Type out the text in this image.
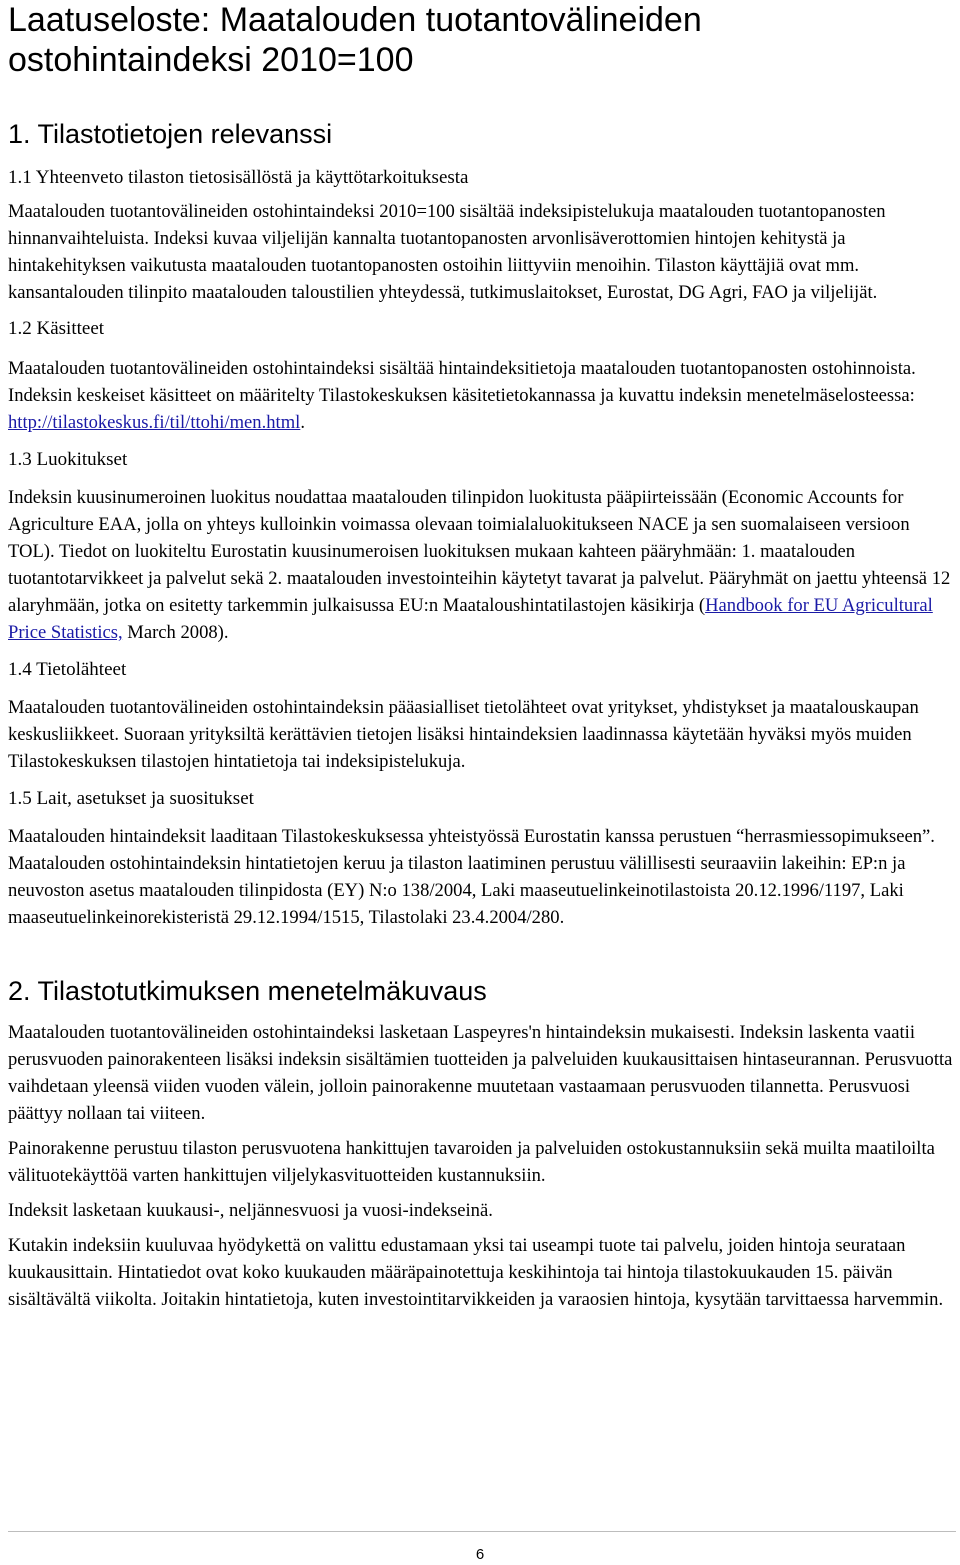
Laatuseloste: Maatalouden tuotantovälineiden
ostohintaindeksi 2010=100
1. Tilastotietojen relevanssi
1.1 Yhteenveto tilaston tietosisällöstä ja käyttötarkoituksesta
Maatalouden tuotantovälineiden ostohintaindeksi 2010=100 sisältää indeksipistelukuja maatalouden tuotantopanosten hinnanvaihteluista. Indeksi kuvaa viljelijän kannalta tuotantopanosten arvonlisäverottomien hintojen kehitystä ja hintakehityksen vaikutusta maatalouden tuotantopanosten ostoihin liittyviin menoihin. Tilaston käyttäjiä ovat mm. kansantalouden tilinpito maatalouden taloustilien yhteydessä, tutkimuslaitokset, Eurostat, DG Agri, FAO ja viljelijät.
1.2 Käsitteet
Maatalouden tuotantovälineiden ostohintaindeksi sisältää hintaindeksitietoja maatalouden tuotantopanosten ostohinnoista. Indeksin keskeiset käsitteet on määritelty Tilastokeskuksen käsitetietokannassa ja kuvattu indeksin menetelmäselosteessa: http://tilastokeskus.fi/til/ttohi/men.html.
1.3 Luokitukset
Indeksin kuusinumeroinen luokitus noudattaa maatalouden tilinpidon luokitusta pääpiirteissään (Economic Accounts for Agriculture EAA, jolla on yhteys kulloinkin voimassa olevaan toimialaluokitukseen NACE ja sen suomalaiseen versioon TOL). Tiedot on luokiteltu Eurostatin kuusinumeroisen luokituksen mukaan kahteen pääryhmään: 1. maatalouden tuotantotarvikkeet ja palvelut sekä 2. maatalouden investointeihin käytetyt tavarat ja palvelut. Pääryhmät on jaettu yhteensä 12 alaryhmään, jotka on esitetty tarkemmin julkaisussa EU:n Maataloushintatilastojen käsikirja (Handbook for EU Agricultural Price Statistics, March 2008).
1.4 Tietolähteet
Maatalouden tuotantovälineiden ostohintaindeksin pääasialliset tietolähteet ovat yritykset, yhdistykset ja maatalouskaupan keskusliikkeet. Suoraan yrityksiltä kerättävien tietojen lisäksi hintaindeksien laadinnassa käytetään hyväksi myös muiden Tilastokeskuksen tilastojen hintatietoja tai indeksipistelukuja.
1.5 Lait, asetukset ja suositukset
Maatalouden hintaindeksit laaditaan Tilastokeskuksessa yhteistyössä Eurostatin kanssa perustuen “herrasmiessopimukseen”. Maatalouden ostohintaindeksin hintatietojen keruu ja tilaston laatiminen perustuu välillisesti seuraaviin lakeihin: EP:n ja neuvoston asetus maatalouden tilinpidosta (EY) N:o 138/2004, Laki maaseutuelinkeinotilastoista 20.12.1996/1197, Laki maaseutuelinkeinorekisteristä 29.12.1994/1515, Tilastolaki 23.4.2004/280.
2. Tilastotutkimuksen menetelmäkuvaus
Maatalouden tuotantovälineiden ostohintaindeksi lasketaan Laspeyres'n hintaindeksin mukaisesti. Indeksin laskenta vaatii perusvuoden painorakenteen lisäksi indeksin sisältämien tuotteiden ja palveluiden kuukausittaisen hintaseurannan. Perusvuotta vaihdetaan yleensä viiden vuoden välein, jolloin painorakenne muutetaan vastaamaan perusvuoden tilannetta. Perusvuosi päättyy nollaan tai viiteen.
Painorakenne perustuu tilaston perusvuotena hankittujen tavaroiden ja palveluiden ostokustannuksiin sekä muilta maatiloilta välituotekäyttöä varten hankittujen viljelykasvituotteiden kustannuksiin.
Indeksit lasketaan kuukausi-, neljännesvuosi ja vuosi-indekseinä.
Kutakin indeksiin kuuluvaa hyödykettä on valittu edustamaan yksi tai useampi tuote tai palvelu, joiden hintoja seurataan kuukausittain. Hintatiedot ovat koko kuukauden määräpainotettuja keskihintoja tai hintoja tilastokuukauden 15. päivän sisältävältä viikolta. Joitakin hintatietoja, kuten investointitarvikkeiden ja varaosien hintoja, kysytään tarvittaessa harvemmin.
6
